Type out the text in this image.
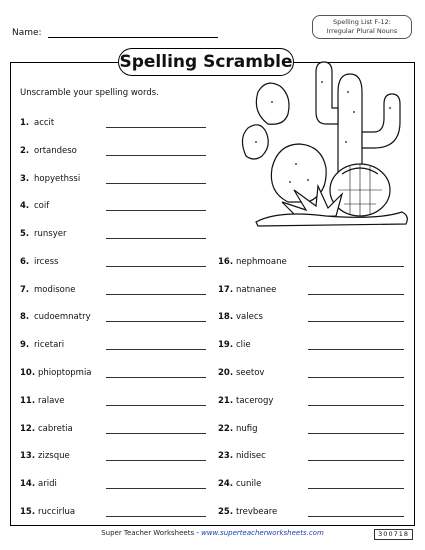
Name:
Spelling List F-12:
Irregular Plural Nouns
Spelling Scramble
Unscramble your spelling words.
1. accit
2. ortandeso
3. hopyethssi
4. coif
5. runsyer
6. ircess
7. modisone
8. cudoemnatry
9. ricetari
10. phioptopmia
11. ralave
12. cabretia
13. zizsque
14. aridi
15. ruccirlua
16. nephmoane
17. natnanee
18. valecs
19. clie
20. seetov
21. tacerogy
22. nufig
23. nidisec
24. cunile
25. trevbeare
Super Teacher Worksheets - www.superteacherworksheets.com	300718
